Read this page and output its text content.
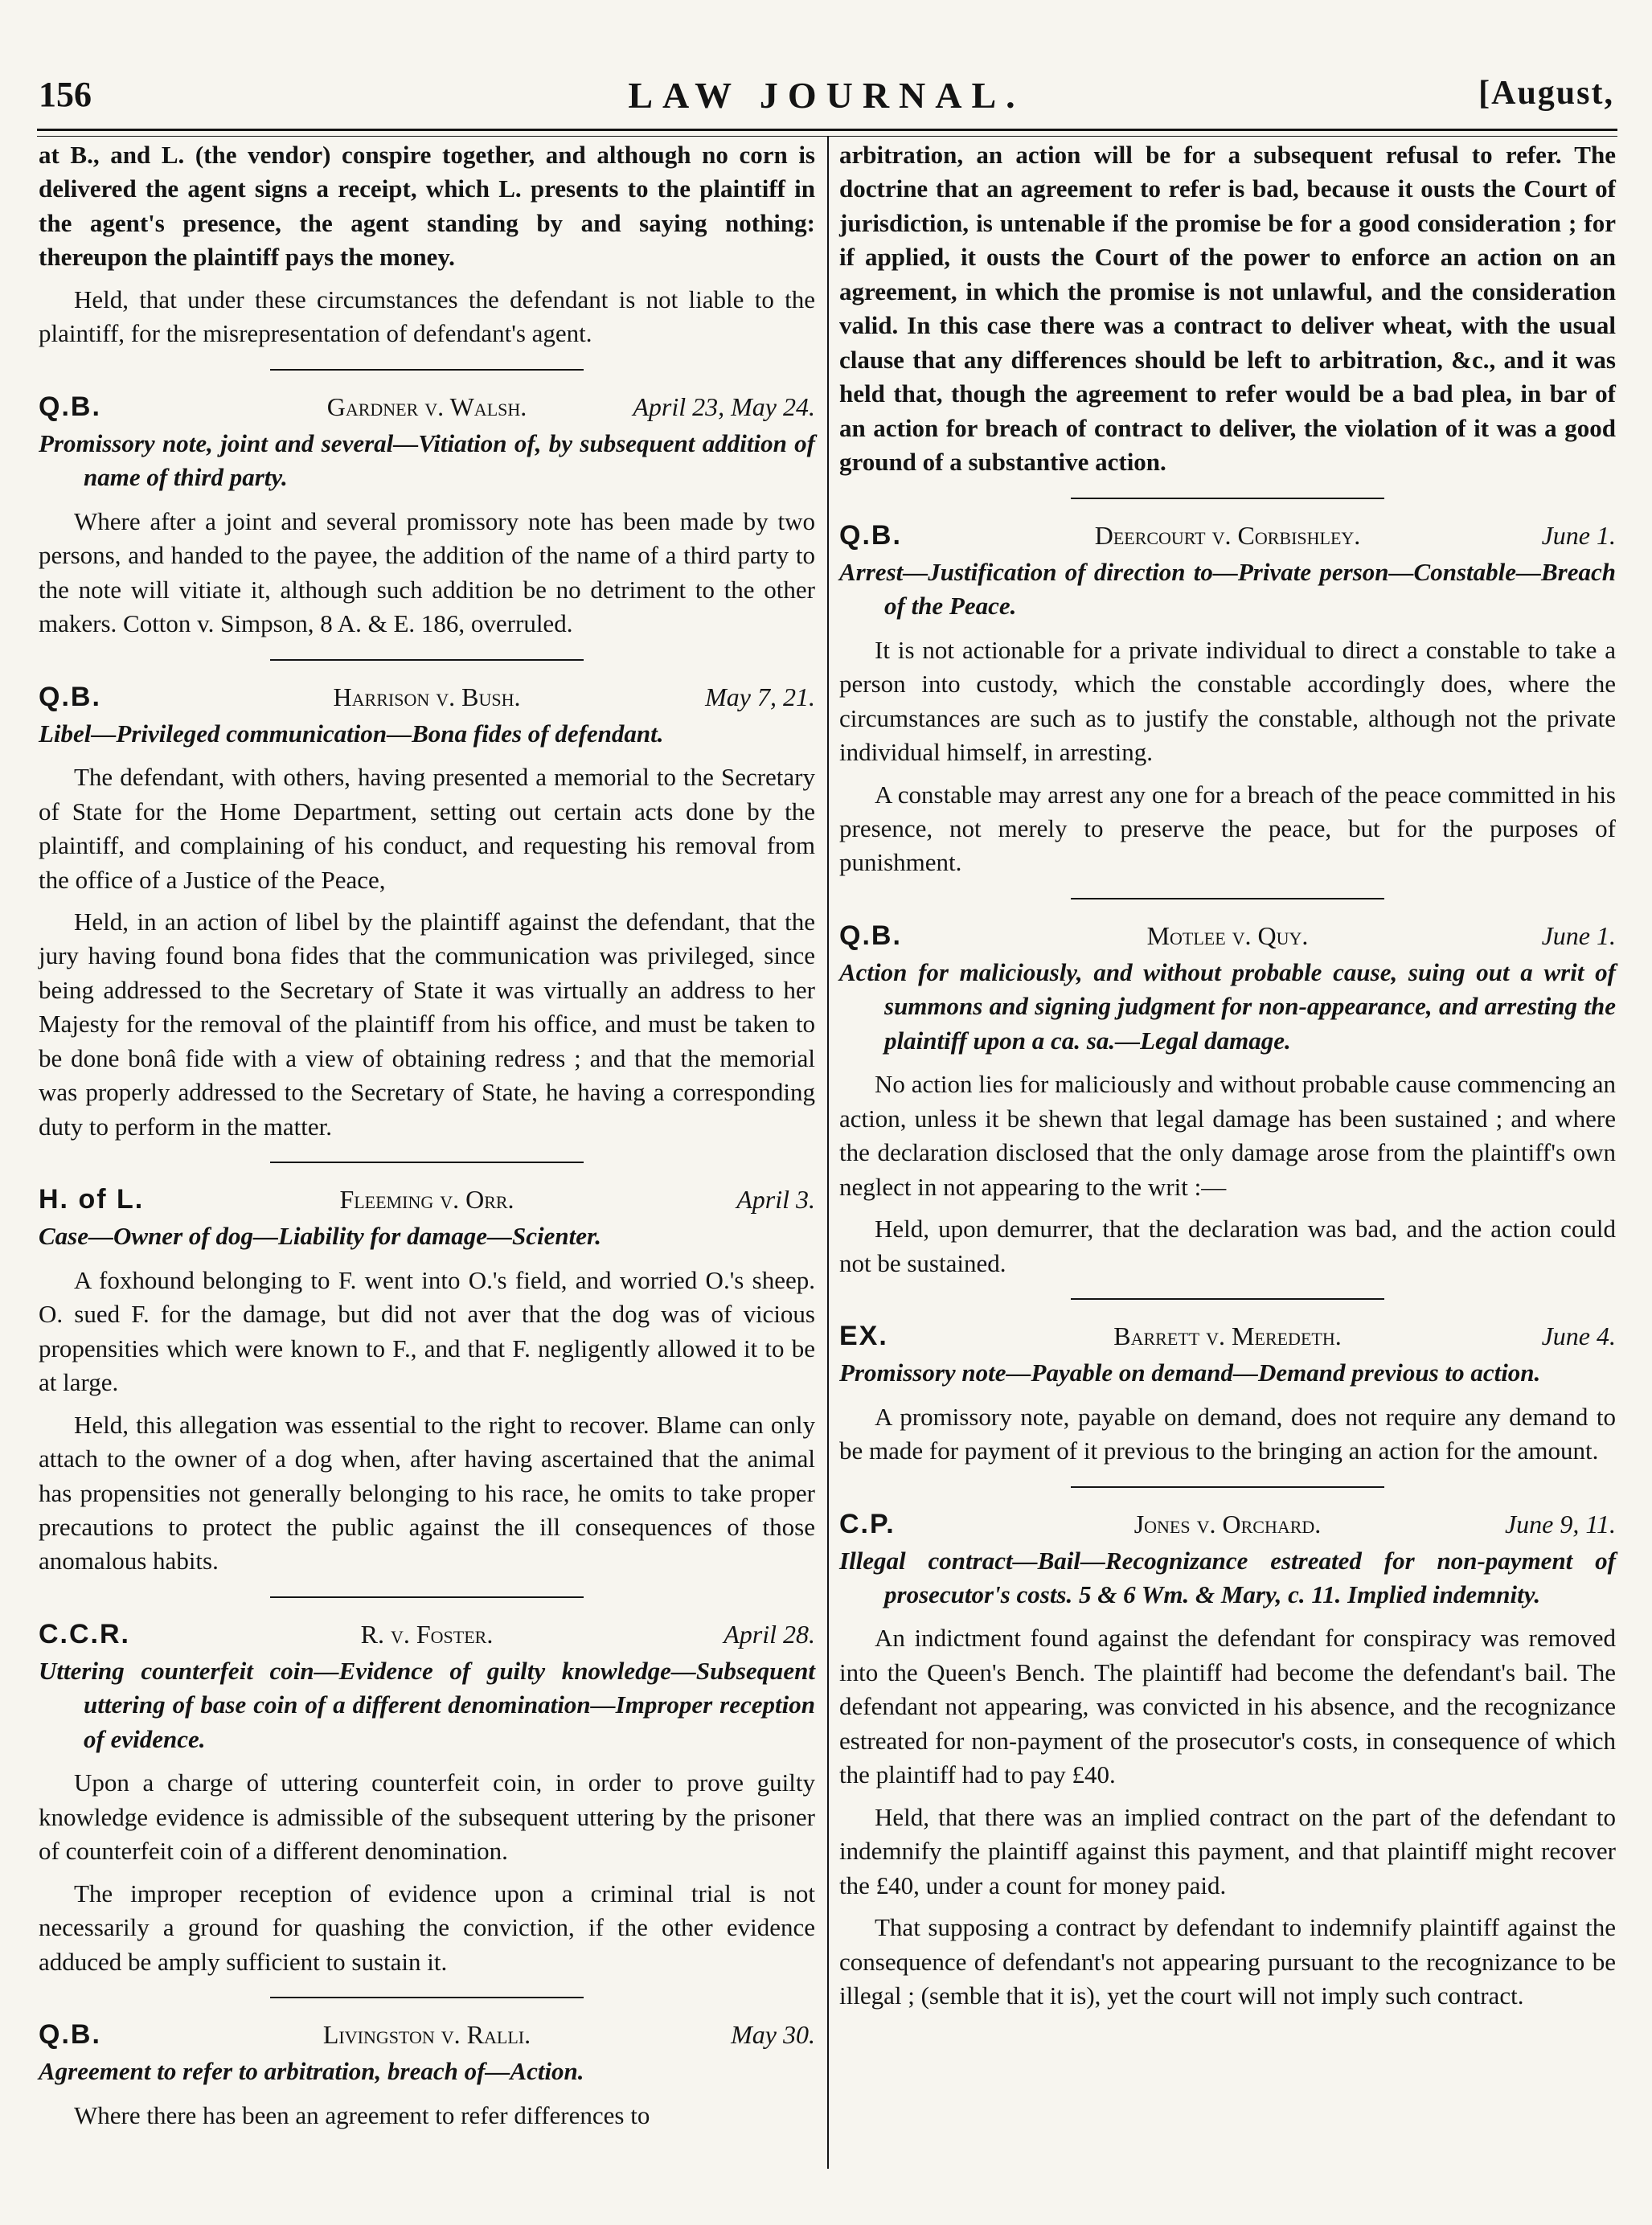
156	LAW JOURNAL.	[August,

at B., and L. (the vendor) conspire together, and although no corn is delivered the agent signs a receipt, which L. presents to the plaintiff in the agent's presence, the agent standing by and saying nothing: thereupon the plaintiff pays the money.

Held, that under these circumstances the defendant is not liable to the plaintiff, for the misrepresentation of defendant's agent.

Q.B.	Gardner v. Walsh.	April 23, May 24.

Promissory note, joint and several—Vitiation of, by subsequent addition of name of third party.

Where after a joint and several promissory note has been made by two persons, and handed to the payee, the addition of the name of a third party to the note will vitiate it, although such addition be no detriment to the other makers. Cotton v. Simpson, 8 A. & E. 186, overruled.

Q.B.	Harrison v. Bush.	May 7, 21.

Libel—Privileged communication—Bona fides of defendant.

The defendant, with others, having presented a memorial to the Secretary of State for the Home Department, setting out certain acts done by the plaintiff, and complaining of his conduct, and requesting his removal from the office of a Justice of the Peace,

Held, in an action of libel by the plaintiff against the defendant, that the jury having found bona fides that the communication was privileged, since being addressed to the Secretary of State it was virtually an address to her Majesty for the removal of the plaintiff from his office, and must be taken to be done bonâ fide with a view of obtaining redress ; and that the memorial was properly addressed to the Secretary of State, he having a corresponding duty to perform in the matter.

H. of L.	Fleeming v. Orr.	April 3.

Case—Owner of dog—Liability for damage—Scienter.

A foxhound belonging to F. went into O.'s field, and worried O.'s sheep. O. sued F. for the damage, but did not aver that the dog was of vicious propensities which were known to F., and that F. negligently allowed it to be at large.

Held, this allegation was essential to the right to recover. Blame can only attach to the owner of a dog when, after having ascertained that the animal has propensities not generally belonging to his race, he omits to take proper precautions to protect the public against the ill consequences of those anomalous habits.

C.C.R.	R. v. Foster.	April 28.

Uttering counterfeit coin—Evidence of guilty knowledge—Subsequent uttering of base coin of a different denomination—Improper reception of evidence.

Upon a charge of uttering counterfeit coin, in order to prove guilty knowledge evidence is admissible of the subsequent uttering by the prisoner of counterfeit coin of a different denomination.

The improper reception of evidence upon a criminal trial is not necessarily a ground for quashing the conviction, if the other evidence adduced be amply sufficient to sustain it.

Q.B.	Livingston v. Ralli.	May 30.

Agreement to refer to arbitration, breach of—Action.

Where there has been an agreement to refer differences to

arbitration, an action will be for a subsequent refusal to refer. The doctrine that an agreement to refer is bad, because it ousts the Court of jurisdiction, is untenable if the promise be for a good consideration ; for if applied, it ousts the Court of the power to enforce an action on an agreement, in which the promise is not unlawful, and the consideration valid. In this case there was a contract to deliver wheat, with the usual clause that any differences should be left to arbitration, &c., and it was held that, though the agreement to refer would be a bad plea, in bar of an action for breach of contract to deliver, the violation of it was a good ground of a substantive action.

Q.B.	Deercourt v. Corbishley.	June 1.

Arrest—Justification of direction to—Private person—Constable—Breach of the Peace.

It is not actionable for a private individual to direct a constable to take a person into custody, which the constable accordingly does, where the circumstances are such as to justify the constable, although not the private individual himself, in arresting.

A constable may arrest any one for a breach of the peace committed in his presence, not merely to preserve the peace, but for the purposes of punishment.

Q.B.	Motlee v. Quy.	June 1.

Action for maliciously, and without probable cause, suing out a writ of summons and signing judgment for non-appearance, and arresting the plaintiff upon a ca. sa.—Legal damage.

No action lies for maliciously and without probable cause commencing an action, unless it be shewn that legal damage has been sustained ; and where the declaration disclosed that the only damage arose from the plaintiff's own neglect in not appearing to the writ :—

Held, upon demurrer, that the declaration was bad, and the action could not be sustained.

EX.	Barrett v. Meredeth.	June 4.

Promissory note—Payable on demand—Demand previous to action.

A promissory note, payable on demand, does not require any demand to be made for payment of it previous to the bringing an action for the amount.

C.P.	Jones v. Orchard.	June 9, 11.

Illegal contract—Bail—Recognizance estreated for non-payment of prosecutor's costs. 5 & 6 Wm. & Mary, c. 11. Implied indemnity.

An indictment found against the defendant for conspiracy was removed into the Queen's Bench. The plaintiff had become the defendant's bail. The defendant not appearing, was convicted in his absence, and the recognizance estreated for non-payment of the prosecutor's costs, in consequence of which the plaintiff had to pay £40.

Held, that there was an implied contract on the part of the defendant to indemnify the plaintiff against this payment, and that plaintiff might recover the £40, under a count for money paid.

That supposing a contract by defendant to indemnify plaintiff against the consequence of defendant's not appearing pursuant to the recognizance to be illegal ; (semble that it is), yet the court will not imply such contract.
